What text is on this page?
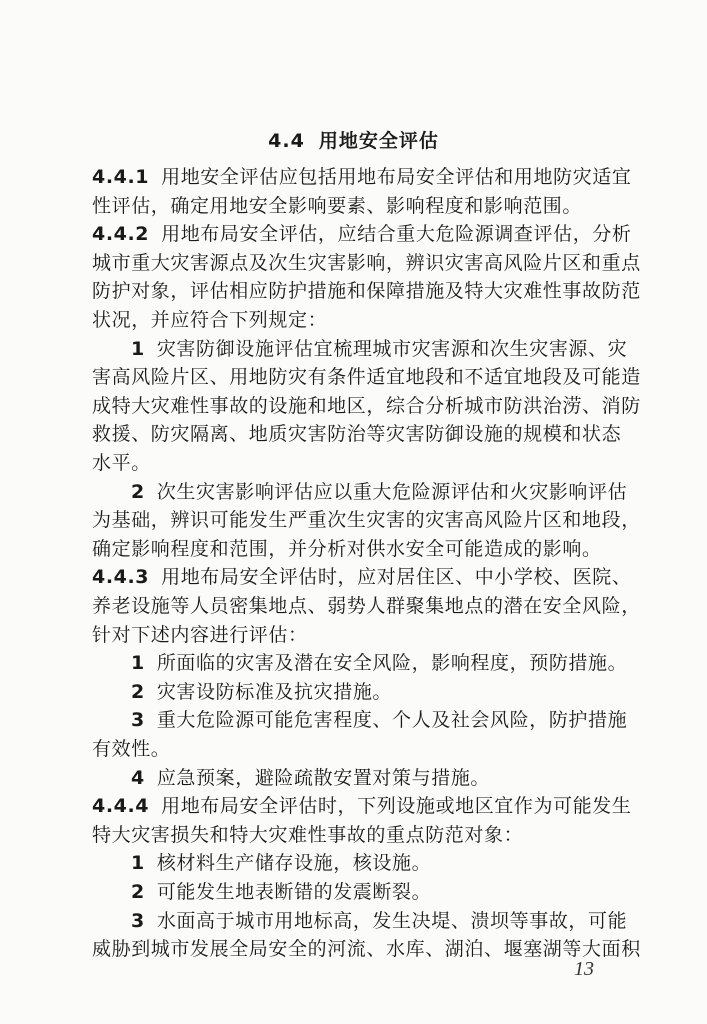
4.4 用地安全评估
4.4.1 用地安全评估应包括用地布局安全评估和用地防灾适宜
性评估，确定用地安全影响要素、影响程度和影响范围。
4.4.2 用地布局安全评估，应结合重大危险源调查评估，分析
城市重大灾害源点及次生灾害影响，辨识灾害高风险片区和重点
防护对象，评估相应防护措施和保障措施及特大灾难性事故防范
状况，并应符合下列规定：
1 灾害防御设施评估宜梳理城市灾害源和次生灾害源、灾
害高风险片区、用地防灾有条件适宜地段和不适宜地段及可能造
成特大灾难性事故的设施和地区，综合分析城市防洪治涝、消防
救援、防灾隔离、地质灾害防治等灾害防御设施的规模和状态
水平。
2 次生灾害影响评估应以重大危险源评估和火灾影响评估
为基础，辨识可能发生严重次生灾害的灾害高风险片区和地段，
确定影响程度和范围，并分析对供水安全可能造成的影响。
4.4.3 用地布局安全评估时，应对居住区、中小学校、医院、
养老设施等人员密集地点、弱势人群聚集地点的潜在安全风险，
针对下述内容进行评估：
1 所面临的灾害及潜在安全风险，影响程度，预防措施。
2 灾害设防标准及抗灾措施。
3 重大危险源可能危害程度、个人及社会风险，防护措施
有效性。
4 应急预案，避险疏散安置对策与措施。
4.4.4 用地布局安全评估时，下列设施或地区宜作为可能发生
特大灾害损失和特大灾难性事故的重点防范对象：
1 核材料生产储存设施，核设施。
2 可能发生地表断错的发震断裂。
3 水面高于城市用地标高，发生决堤、溃坝等事故，可能
威胁到城市发展全局安全的河流、水库、湖泊、堰塞湖等大面积
13
